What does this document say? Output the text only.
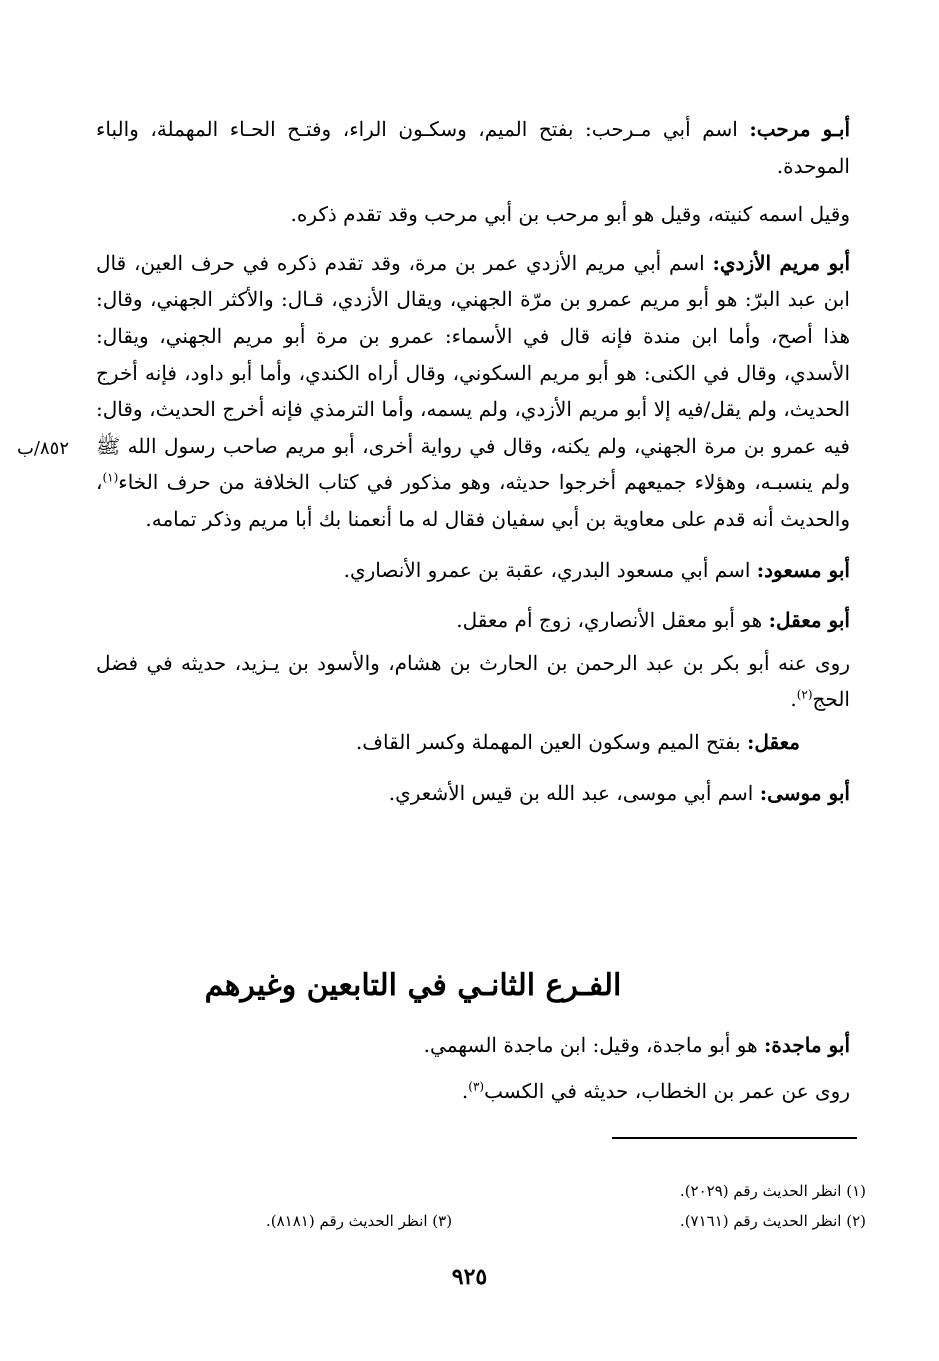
٨٥٢/ب

أبـو مرحب: اسم أبي مـرحب: بفتح الميم، وسكـون الراء، وفتـح الحـاء المهملة، والباء الموحدة.

وقيل اسمه كنيته، وقيل هو أبو مرحب بن أبي مرحب وقد تقدم ذكره.

أبو مريم الأزدي: اسم أبي مريم الأزدي عمر بن مرة، وقد تقدم ذكره في حرف العين، قال ابن عبد البرّ: هو أبو مريم عمرو بن مرّة الجهني، ويقال الأزدي، قـال: والأكثر الجهني، وقال: هذا أصح، وأما ابن مندة فإنه قال في الأسماء: عمرو بن مرة أبو مريم الجهني، ويقال: الأسدي، وقال في الكنى: هو أبو مريم السكوني، وقال أراه الكندي، وأما أبو داود، فإنه أخرج الحديث، ولم يقل/فيه إلا أبو مريم الأزدي، ولم يسمه، وأما الترمذي فإنه أخرج الحديث، وقال: فيه عمرو بن مرة الجهني، ولم يكنه، وقال في رواية أخرى، أبو مريم صاحب رسول الله ﷺ ولم ينسبـه، وهؤلاء جميعهم أخرجوا حديثه، وهو مذكور في كتاب الخلافة من حرف الخاء$^{(١)}$، والحديث أنه قدم على معاوية بن أبي سفيان فقال له ما أنعمنا بك أبا مريم وذكر تمامه.

أبو مسعود: اسم أبي مسعود البدري، عقبة بن عمرو الأنصاري.

أبو معقل: هو أبو معقل الأنصاري، زوج أم معقل.

روى عنه أبو بكر بن عبد الرحمن بن الحارث بن هشام، والأسود بن يـزيد، حديثه في فضل الحج$^{(٢)}$.

معقل: بفتح الميم وسكون العين المهملة وكسر القاف.

أبو موسى: اسم أبي موسى، عبد الله بن قيس الأشعري.

الفـرع الثانـي في التابعين وغيرهم

أبو ماجدة: هو أبو ماجدة، وقيل: ابن ماجدة السهمي.

روى عن عمر بن الخطاب، حديثه في الكسب$^{(٣)}$.

(١) انظر الحديث رقم (٢٠٢٩).
(٢) انظر الحديث رقم (٧١٦١).
(٣) انظر الحديث رقم (٨١٨١).
٩٢٥
